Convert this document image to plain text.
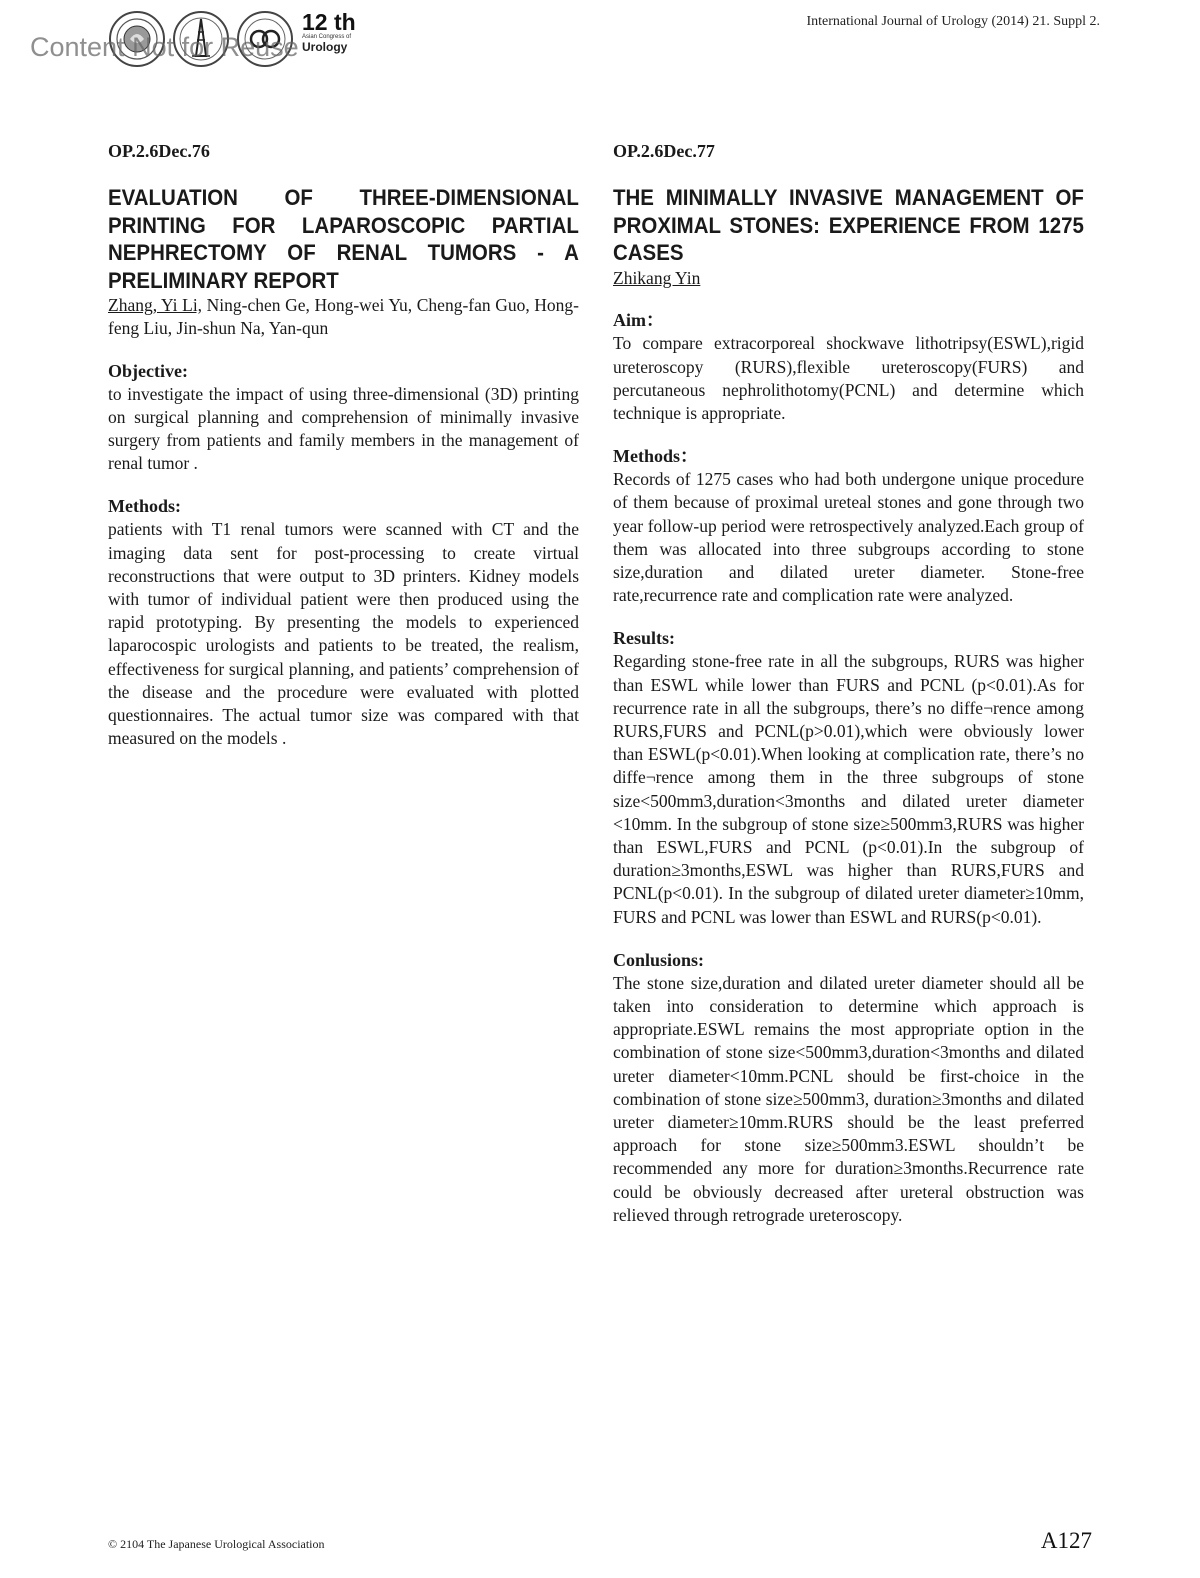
12 th
Asian Congress of
Urology
Content Not for Reuse
International Journal of Urology (2014) 21. Suppl 2.

OP.2.6Dec.76

EVALUATION OF THREE-DIMENSIONAL PRINTING FOR LAPAROSCOPIC PARTIAL NEPHRECTOMY OF RENAL TUMORS - A PRELIMINARY REPORT

Zhang, Yi Li, Ning-chen Ge, Hong-wei Yu, Cheng-fan Guo, Hong-feng Liu, Jin-shun Na, Yan-qun

Objective:

to investigate the impact of using three-dimensional (3D) printing on surgical planning and comprehension of minimally invasive surgery from patients and family members in the management of renal tumor .

Methods:

patients with T1 renal tumors were scanned with CT and the imaging data sent for post-processing to create virtual reconstructions that were output to 3D printers. Kidney models with tumor of individual patient were then produced using the rapid prototyping. By presenting the models to experienced laparocospic urologists and patients to be treated, the realism, effectiveness for surgical planning, and patients’ comprehension of the disease and the procedure were evaluated with plotted questionnaires. The actual tumor size was compared with that measured on the models .

OP.2.6Dec.77

THE MINIMALLY INVASIVE MANAGEMENT OF PROXIMAL STONES: EXPERIENCE FROM 1275 CASES

Zhikang Yin

Aim：

To compare extracorporeal shockwave lithotripsy(ESWL),rigid ureteroscopy (RURS),flexible ureteroscopy(FURS) and percutaneous nephrolithotomy(PCNL) and determine which technique is appropriate.

Methods：

Records of 1275 cases who had both undergone unique procedure of them because of proximal ureteal stones and gone through two year follow-up period were retrospectively analyzed.Each group of them was allocated into three subgroups according to stone size,duration and dilated ureter diameter. Stone-free rate,recurrence rate and complication rate were analyzed.

Results:

Regarding stone-free rate in all the subgroups, RURS was higher than ESWL while lower than FURS and PCNL (p<0.01).As for recurrence rate in all the subgroups, there’s no diffe¬rence among RURS,FURS and PCNL(p>0.01),which were obviously lower than ESWL(p<0.01).When looking at complication rate, there’s no diffe¬rence among them in the three subgroups of stone size<500mm3,duration<3months and dilated ureter diameter <10mm. In the subgroup of stone size≥500mm3,RURS was higher than ESWL,FURS and PCNL (p<0.01).In the subgroup of duration≥3months,ESWL was higher than RURS,FURS and PCNL(p<0.01). In the subgroup of dilated ureter diameter≥10mm, FURS and PCNL was lower than ESWL and RURS(p<0.01).

Conlusions:

The stone size,duration and dilated ureter diameter should all be taken into consideration to determine which approach is appropriate.ESWL remains the most appropriate option in the combination of stone size<500mm3,duration<3months and dilated ureter diameter<10mm.PCNL should be first-choice in the combination of stone size≥500mm3, duration≥3months and dilated ureter diameter≥10mm.RURS should be the least preferred approach for stone size≥500mm3.ESWL shouldn’t be recommended any more for duration≥3months.Recurrence rate could be obviously decreased after ureteral obstruction was relieved through retrograde ureteroscopy.

© 2104 The Japanese Urological Association	A127
